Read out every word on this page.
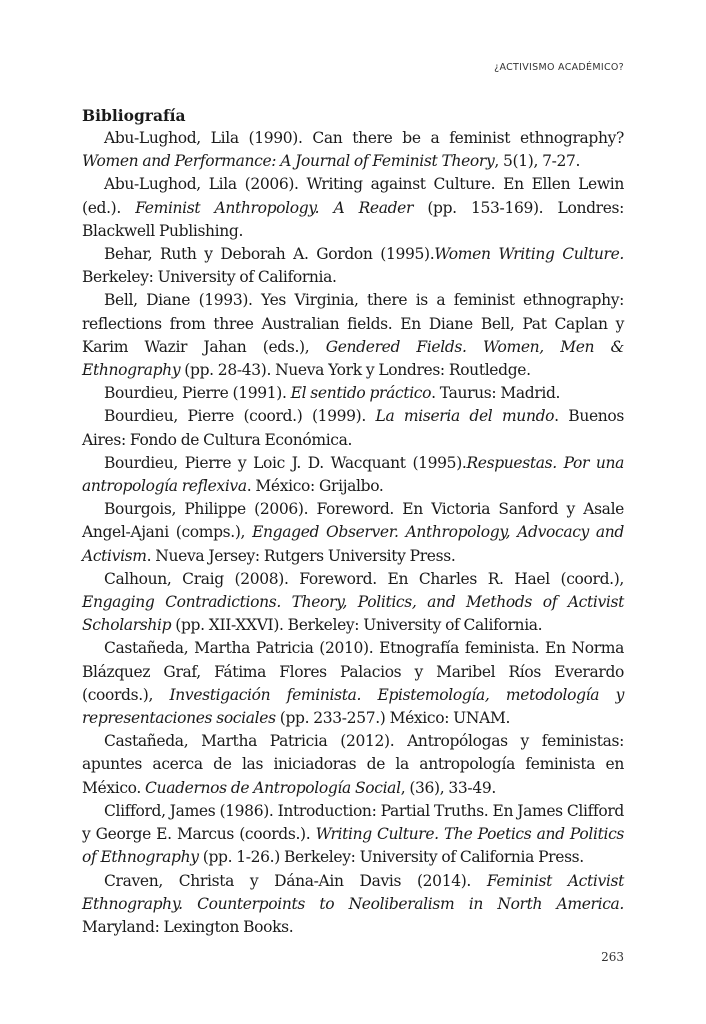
¿ACTIVISMO ACADÉMICO?
Bibliografía

Abu-Lughod, Lila (1990). Can there be a feminist ethnography? Women and Performance: A Journal of Feminist Theory, 5(1), 7-27.

Abu-Lughod, Lila (2006). Writing against Culture. En Ellen Lewin (ed.). Feminist Anthropology. A Reader (pp. 153-169). Londres: Blackwell Publishing.

Behar, Ruth y Deborah A. Gordon (1995).Women Writing Culture. Berkeley: University of California.

Bell, Diane (1993). Yes Virginia, there is a feminist ethnography: reflections from three Australian fields. En Diane Bell, Pat Caplan y Karim Wazir Jahan (eds.), Gendered Fields. Women, Men & Ethnography (pp. 28-43). Nueva York y Londres: Routledge.

Bourdieu, Pierre (1991). El sentido práctico. Taurus: Madrid.

Bourdieu, Pierre (coord.) (1999). La miseria del mundo. Buenos Aires: Fondo de Cultura Económica.

Bourdieu, Pierre y Loic J. D. Wacquant (1995).Respuestas. Por una antropología reflexiva. México: Grijalbo.

Bourgois, Philippe (2006). Foreword. En Victoria Sanford y Asale Angel-Ajani (comps.), Engaged Observer. Anthropology, Advocacy and Activism. Nueva Jersey: Rutgers University Press.

Calhoun, Craig (2008). Foreword. En Charles R. Hael (coord.), Engaging Contradictions. Theory, Politics, and Methods of Activist Scholarship (pp. XII-XXVI). Berkeley: University of California.

Castañeda, Martha Patricia (2010). Etnografía feminista. En Norma Blázquez Graf, Fátima Flores Palacios y Maribel Ríos Everardo (coords.), Investigación feminista. Epistemología, metodología y representaciones sociales (pp. 233-257.) México: UNAM.

Castañeda, Martha Patricia (2012). Antropólogas y feministas: apuntes acerca de las iniciadoras de la antropología feminista en México. Cuadernos de Antropología Social, (36), 33-49.

Clifford, James (1986). Introduction: Partial Truths. En James Clifford y George E. Marcus (coords.). Writing Culture. The Poetics and Politics of Ethnography (pp. 1-26.) Berkeley: University of California Press.

Craven, Christa y Dána-Ain Davis (2014). Feminist Activist Ethnography. Counterpoints to Neoliberalism in North America. Maryland: Lexington Books.

263
